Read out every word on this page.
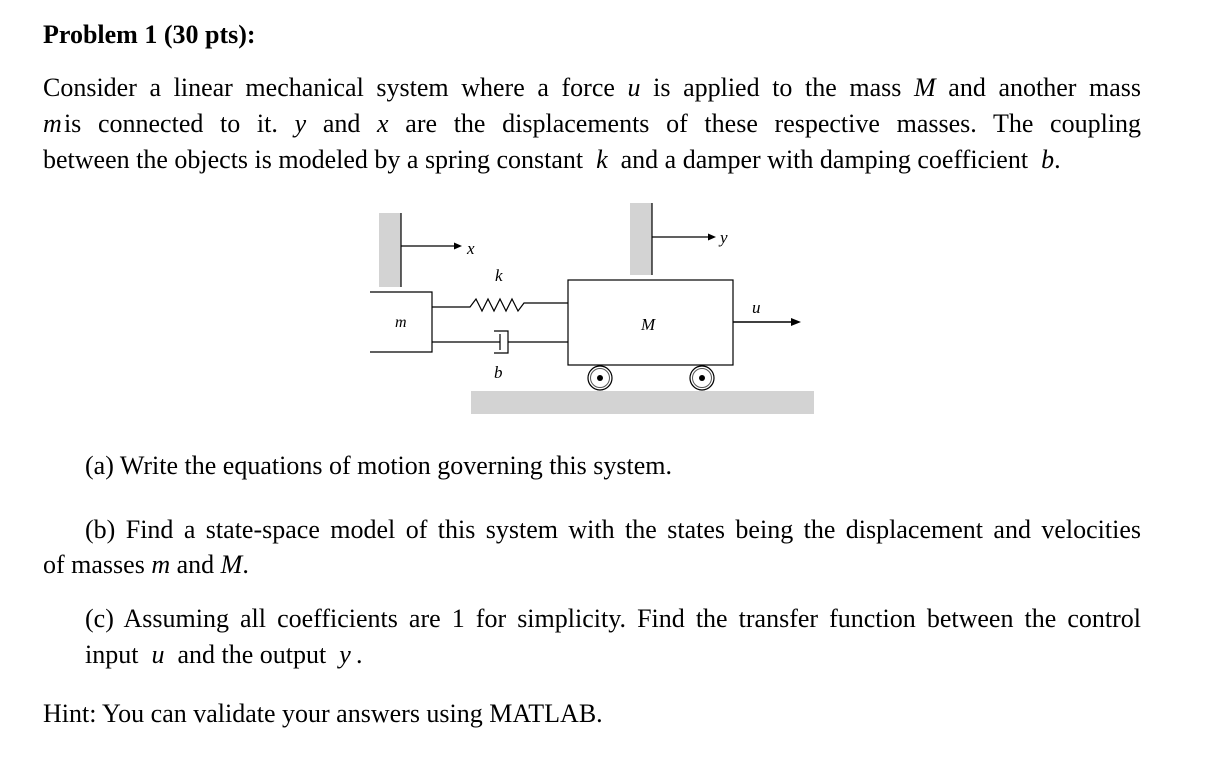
Problem 1 (30 pts):
Consider a linear mechanical system where a force u is applied to the mass M and another mass
m is connected to it. y and x are the displacements of these respective masses. The coupling
between the objects is modeled by a spring constant k and a damper with damping coefficient b.
x
y
m
k
b
M
u
(a) Write the equations of motion governing this system.
(b) Find a state-space model of this system with the states being the displacement and velocities
of masses m and M.
(c) Assuming all coefficients are 1 for simplicity. Find the transfer function between the control
input u and the output y  .
Hint: You can validate your answers using MATLAB.
